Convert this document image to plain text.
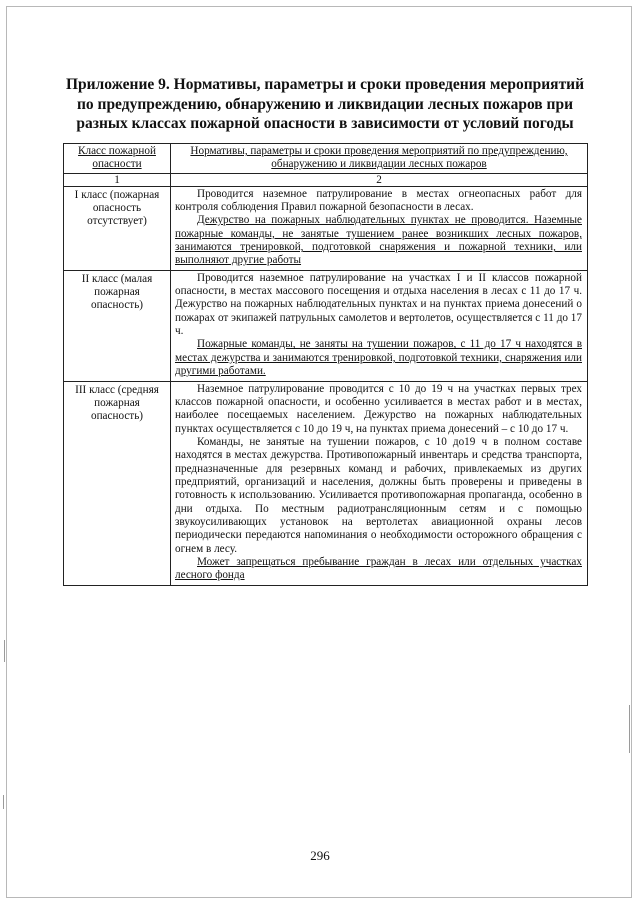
Приложение 9. Нормативы, параметры и сроки проведения мероприятий по предупреждению, обнаружению и ликвидации лесных пожаров при разных классах пожарной опасности в зависимости от условий погоды
Класс пожарной опасности	Нормативы, параметры и сроки проведения мероприятий по предупреждению, обнаружению и ликвидации лесных пожаров
1	2
I класс (пожарная опасность отсутствует)	Проводится наземное патрулирование в местах огнеопасных работ для контроля соблюдения Правил пожарной безопасности в лесах.

Дежурство на пожарных наблюдательных пунктах не проводится. Наземные пожарные команды, не занятые тушением ранее возникших лесных пожаров, занимаются тренировкой, подготовкой снаряжения и пожарной техники, или выполняют другие работы

II класс (малая пожарная опасность)	Проводится наземное патрулирование на участках I и II классов пожарной опасности, в местах массового посещения и отдыха населения в лесах с 11 до 17 ч. Дежурство на пожарных наблюдательных пунктах и на пунктах приема донесений о пожарах от экипажей патрульных самолетов и вертолетов, осуществляется с 11 до 17 ч.

Пожарные команды, не заняты на тушении пожаров, с 11 до 17 ч находятся в местах дежурства и занимаются тренировкой, подготовкой техники, снаряжения или другими работами.

III класс (средняя пожарная опасность)	Наземное патрулирование проводится с 10 до 19 ч на участках первых трех классов пожарной опасности, и особенно усиливается в местах работ и в местах, наиболее посещаемых населением. Дежурство на пожарных наблюдательных пунктах осуществляется с 10 до 19 ч, на пунктах приема донесений – с 10 до 17 ч.

Команды, не занятые на тушении пожаров, с 10 до19 ч в полном составе находятся в местах дежурства. Противопожарный инвентарь и средства транспорта, предназначенные для резервных команд и рабочих, привлекаемых из других предприятий, организаций и населения, должны быть проверены и приведены в готовность к использованию. Усиливается противопожарная пропаганда, особенно в дни отдыха. По местным радиотрансляционным сетям и с помощью звукоусиливающих установок на вертолетах авиационной охраны лесов периодически передаются напоминания о необходимости осторожного обращения с огнем в лесу.

Может запрещаться пребывание граждан в лесах или отдельных участках лесного фонда

296
